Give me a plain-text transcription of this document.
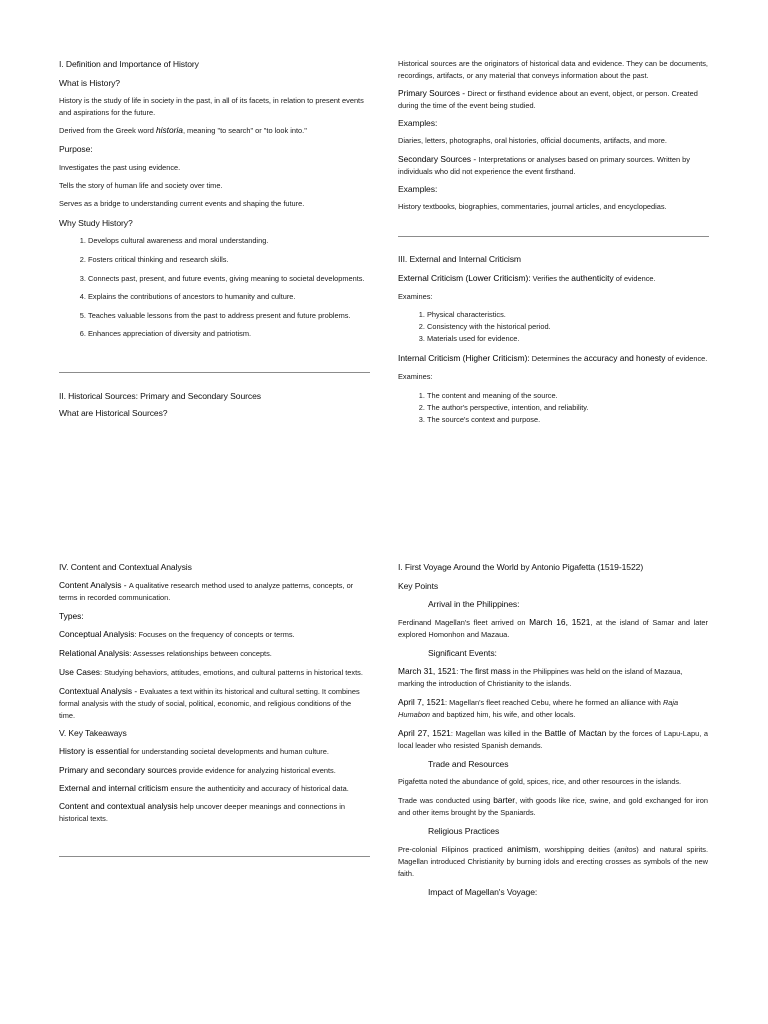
I. Definition and Importance of History

What is History?

History is the study of life in society in the past, in all of its facets, in relation to present events and aspirations for the future.

Derived from the Greek word historia, meaning "to search" or "to look into."

Purpose:

Investigates the past using evidence.

Tells the story of human life and society over time.

Serves as a bridge to understanding current events and shaping the future.

Why Study History?

1. Develops cultural awareness and moral understanding.
2. Fosters critical thinking and research skills.
3. Connects past, present, and future events, giving meaning to societal developments.
4. Explains the contributions of ancestors to humanity and culture.
5. Teaches valuable lessons from the past to address present and future problems.
6. Enhances appreciation of diversity and patriotism.

II. Historical Sources: Primary and Secondary Sources

What are Historical Sources?

Historical sources are the originators of historical data and evidence. They can be documents, recordings, artifacts, or any material that conveys information about the past.

Primary Sources - Direct or firsthand evidence about an event, object, or person. Created during the time of the event being studied.

Examples:

Diaries, letters, photographs, oral histories, official documents, artifacts, and more.

Secondary Sources - Interpretations or analyses based on primary sources. Written by individuals who did not experience the event firsthand.

Examples:

History textbooks, biographies, commentaries, journal articles, and encyclopedias.

III. External and Internal Criticism

External Criticism (Lower Criticism): Verifies the authenticity of evidence.

Examines:

1. Physical characteristics.
2. Consistency with the historical period.
3. Materials used for evidence.

Internal Criticism (Higher Criticism): Determines the accuracy and honesty of evidence.

Examines:

1. The content and meaning of the source.
2. The author's perspective, intention, and reliability.
3. The source's context and purpose.

IV. Content and Contextual Analysis

Content Analysis - A qualitative research method used to analyze patterns, concepts, or terms in recorded communication.

Types:

Conceptual Analysis: Focuses on the frequency of concepts or terms.

Relational Analysis: Assesses relationships between concepts.

Use Cases: Studying behaviors, attitudes, emotions, and cultural patterns in historical texts.

Contextual Analysis - Evaluates a text within its historical and cultural setting. It combines formal analysis with the study of social, political, economic, and religious conditions of the time.

V. Key Takeaways

History is essential for understanding societal developments and human culture.

Primary and secondary sources provide evidence for analyzing historical events.

External and internal criticism ensure the authenticity and accuracy of historical data.

Content and contextual analysis help uncover deeper meanings and connections in historical texts.

I. First Voyage Around the World by Antonio Pigafetta (1519-1522)

Key Points

Arrival in the Philippines:

Ferdinand Magellan's fleet arrived on March 16, 1521, at the island of Samar and later explored Homonhon and Mazaua.

Significant Events:

March 31, 1521: The first mass in the Philippines was held on the island of Mazaua, marking the introduction of Christianity to the islands.

April 7, 1521: Magellan's fleet reached Cebu, where he formed an alliance with Raja Humabon and baptized him, his wife, and other locals.

April 27, 1521: Magellan was killed in the Battle of Mactan by the forces of Lapu-Lapu, a local leader who resisted Spanish demands.

Trade and Resources

Pigafetta noted the abundance of gold, spices, rice, and other resources in the islands.

Trade was conducted using barter, with goods like rice, swine, and gold exchanged for iron and other items brought by the Spaniards.

Religious Practices

Pre-colonial Filipinos practiced animism, worshipping deities (anitos) and natural spirits. Magellan introduced Christianity by burning idols and erecting crosses as symbols of the new faith.

Impact of Magellan's Voyage:
